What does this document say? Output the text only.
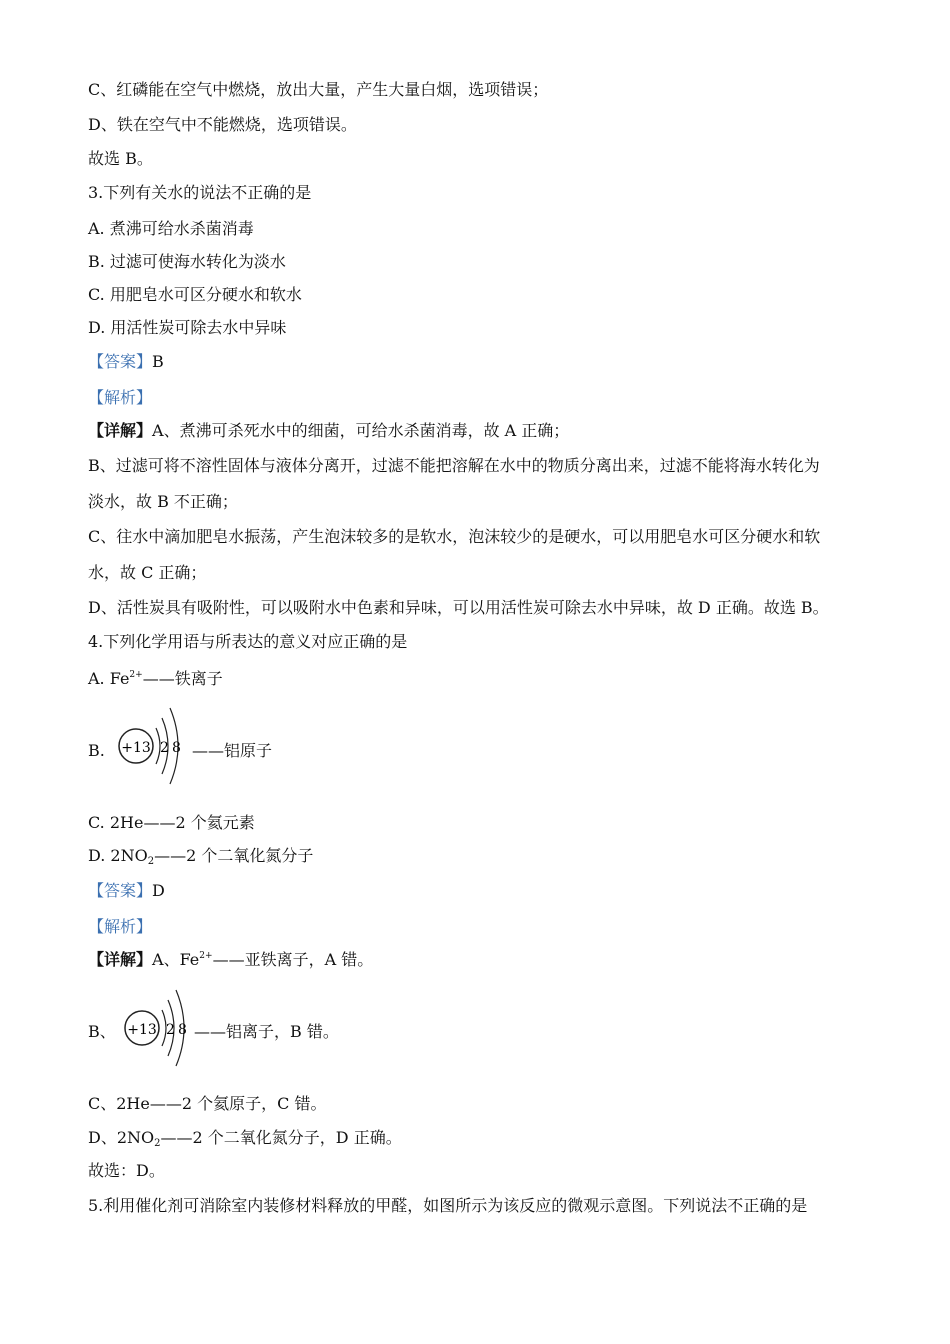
C、红磷能在空气中燃烧，放出大量，产生大量白烟，选项错误；
D、铁在空气中不能燃烧，选项错误。
故选 B。
3.下列有关水的说法不正确的是
A. 煮沸可给水杀菌消毒
B. 过滤可使海水转化为淡水
C. 用肥皂水可区分硬水和软水
D. 用活性炭可除去水中异味
【答案】B
【解析】
【详解】A、煮沸可杀死水中的细菌，可给水杀菌消毒，故 A 正确；
B、过滤可将不溶性固体与液体分离开，过滤不能把溶解在水中的物质分离出来，过滤不能将海水转化为
淡水，故 B 不正确；
C、往水中滴加肥皂水振荡，产生泡沫较多的是软水，泡沫较少的是硬水，可以用肥皂水可区分硬水和软
水，故 C 正确；
D、活性炭具有吸附性，可以吸附水中色素和异味，可以用活性炭可除去水中异味，故 D 正确。故选 B。
4.下列化学用语与所表达的意义对应正确的是
A. $Fe^{2+}——$铁离子
B. +13 2 8 ——铝原子
C. 2He——2 个氦元素
D. $2NO_2——2$ 个二氧化氮分子
【答案】D
【解析】
【详解】A、$Fe^{2+}——$亚铁离子，A 错。
B、 +13 2 8 ——铝离子，B 错。
C、2He——2 个氦原子，C 错。
D、$2NO_2——2$ 个二氧化氮分子，D 正确。
故选：D。
5.利用催化剂可消除室内装修材料释放的甲醛，如图所示为该反应的微观示意图。下列说法不正确的是
